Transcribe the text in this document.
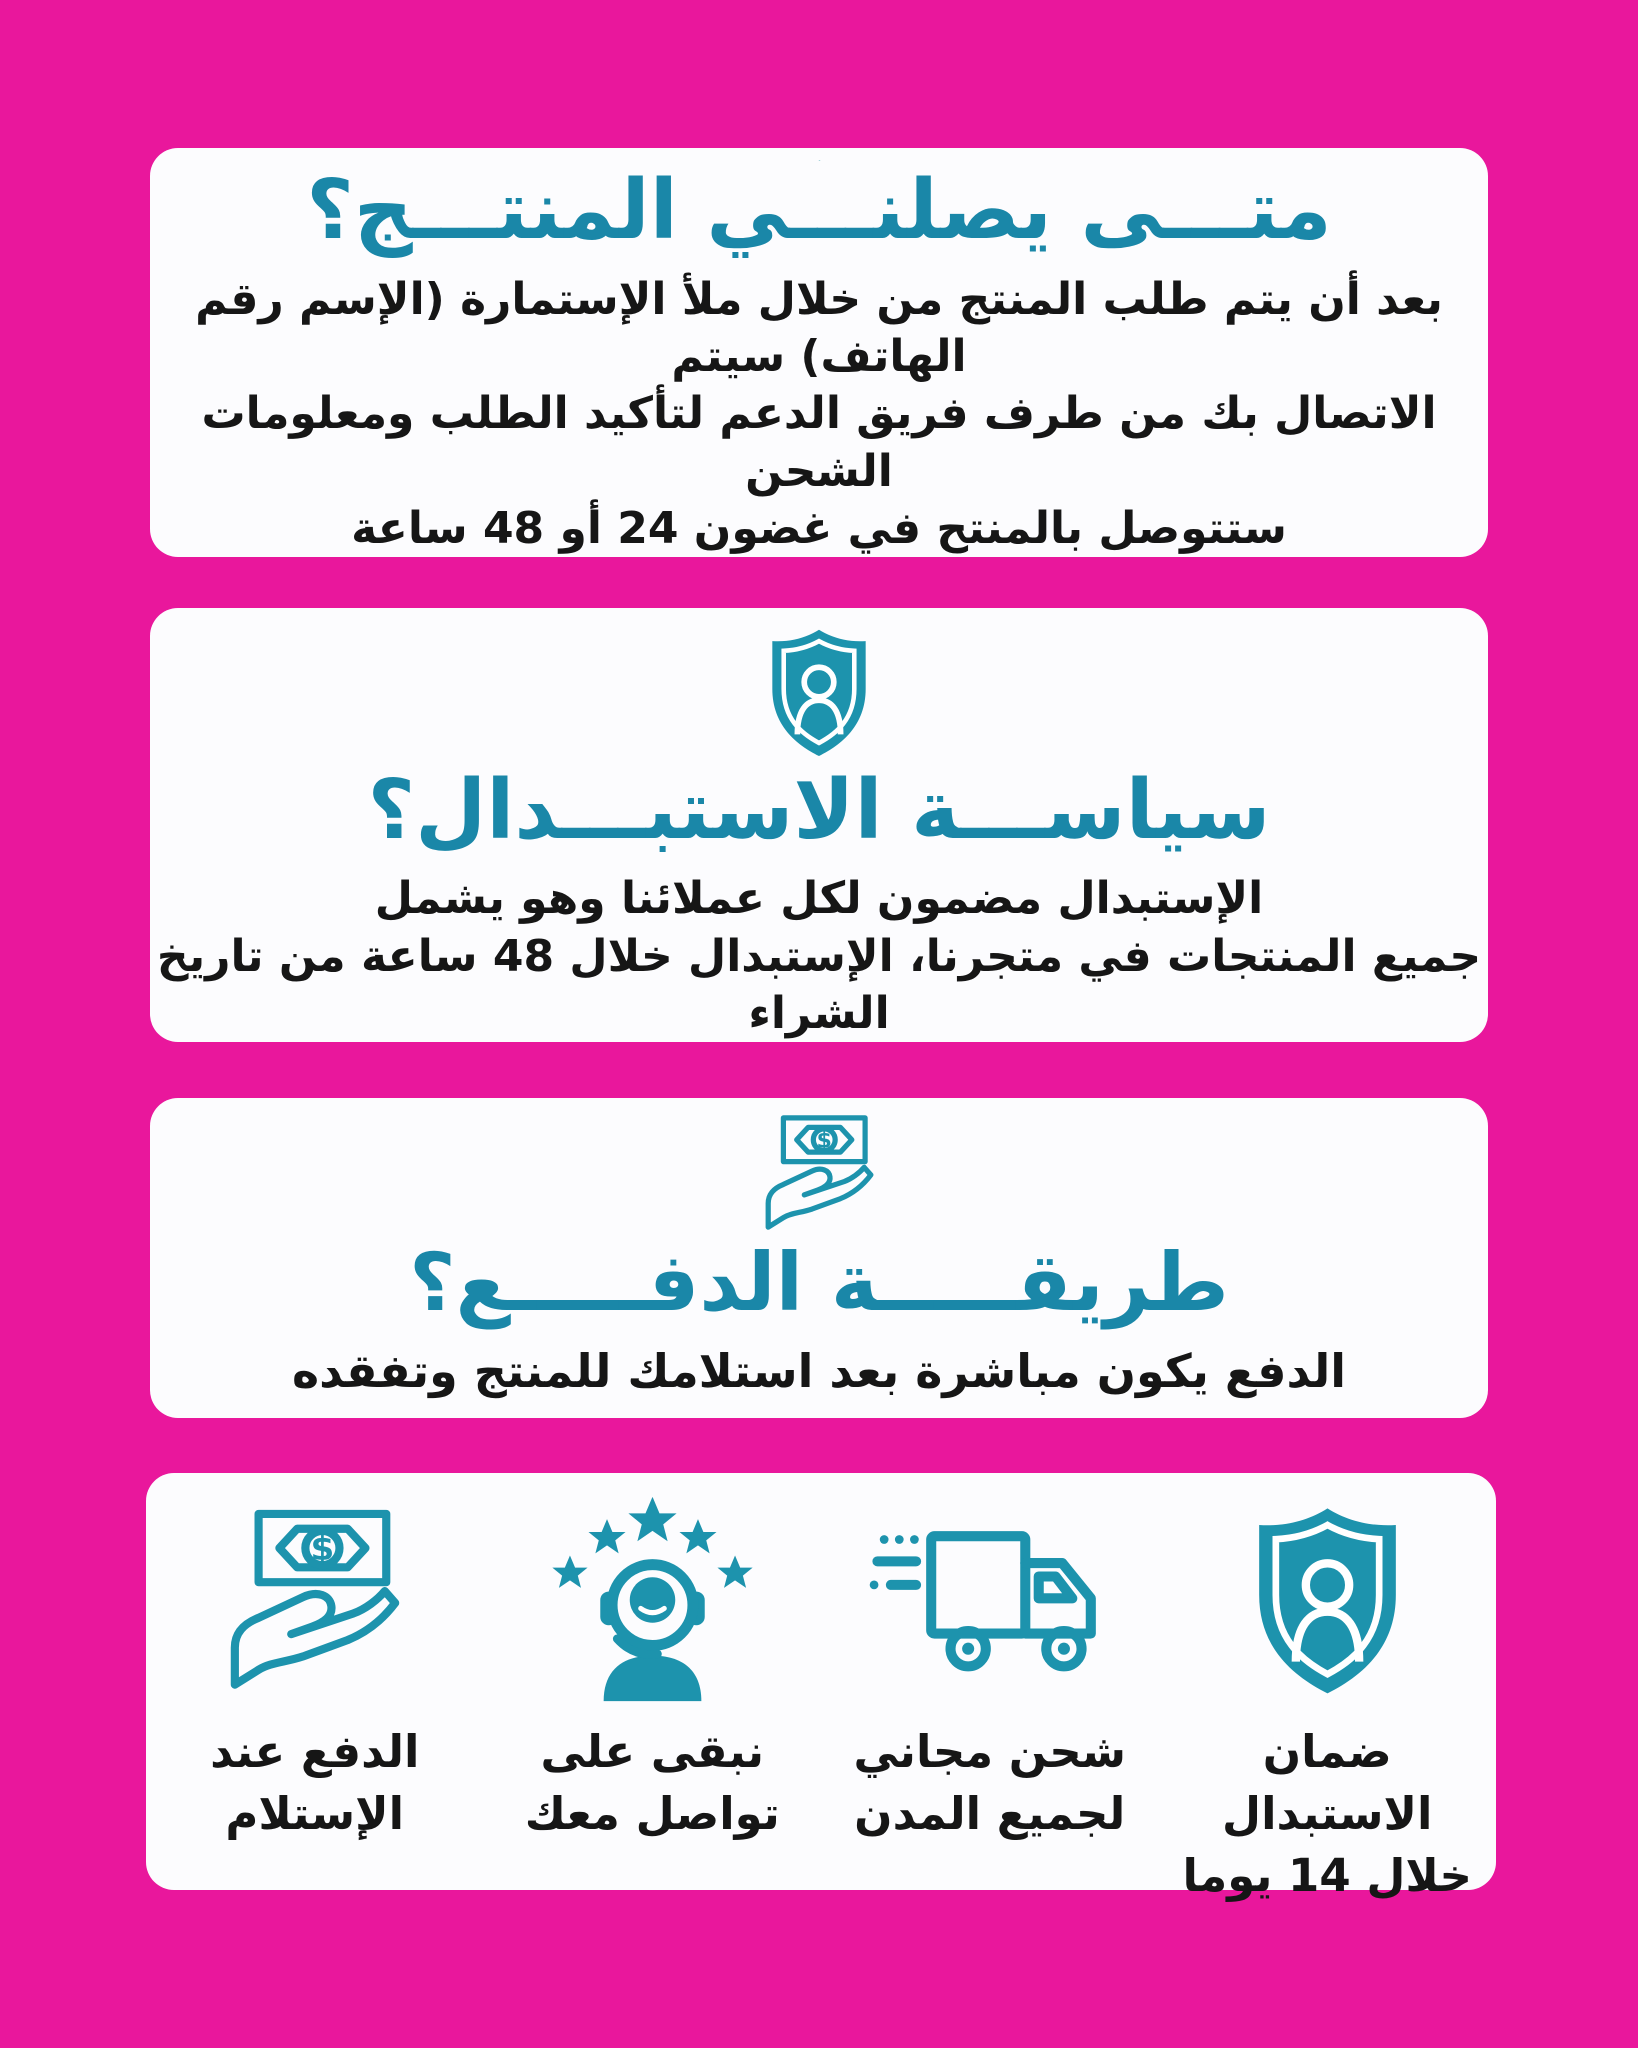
متـــى يصلنـــي المنتـــج؟

بعد أن يتم طلب المنتج من خلال ملأ الإستمارة (الإسم رقم الهاتف) سيتم

الاتصال بك من طرف فريق الدعم لتأكيد الطلب ومعلومات الشحن

ستتوصل بالمنتح في غضون 24 أو 48 ساعة

سياســـة الاستبـــدال؟

الإستبدال مضمون لكل عملائنا وهو يشمل

جميع المنتجات في متجرنا، الإستبدال خلال 48 ساعة من تاريخ الشراء

طريقـــــة الدفـــــع؟

الدفع يكون مباشرة بعد استلامك للمنتج وتفقده

ضمان الاستبدال

خلال 14 يوما

شحن مجاني

لجميع المدن

نبقى على

تواصل معك

الدفع عند

الإستلام
